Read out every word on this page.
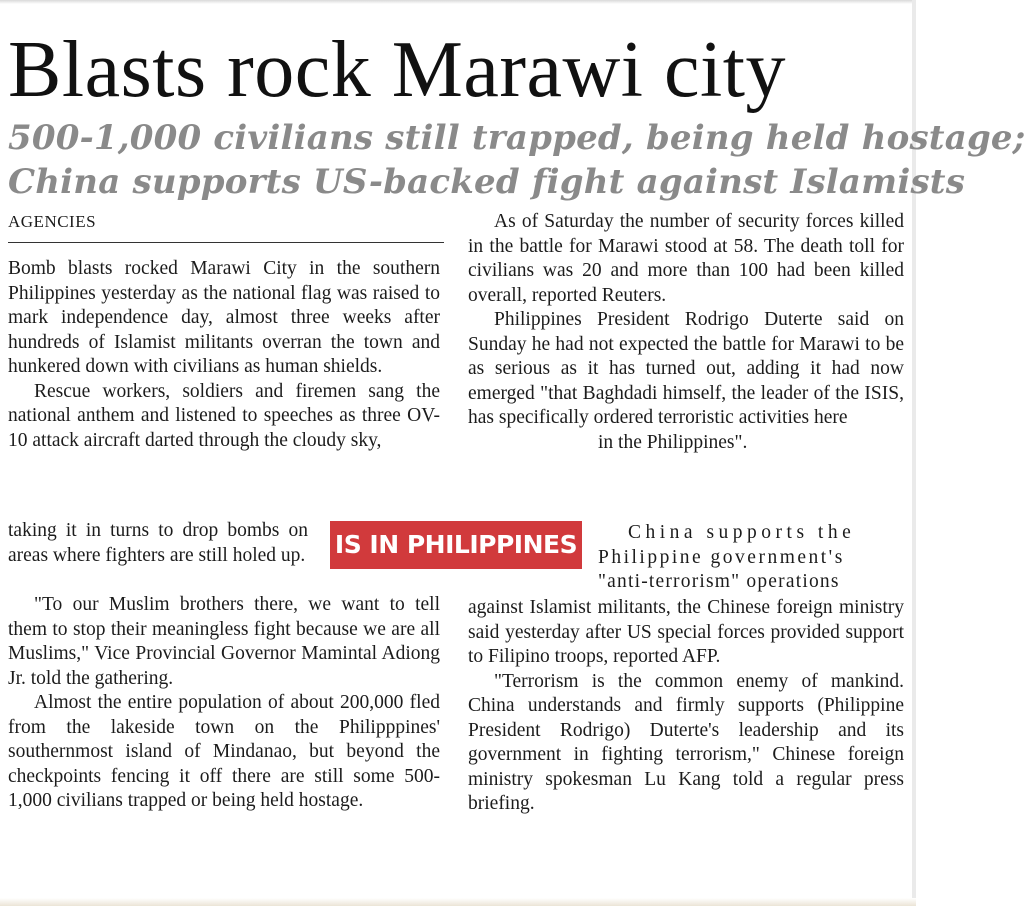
Blasts rock Marawi city
500-1,000 civilians still trapped, being held hostage;
China supports US-backed fight against Islamists
AGENCIES

Bomb blasts rocked Marawi City in the southern Philippines yesterday as the national flag was raised to mark independence day, almost three weeks after hundreds of Islamist militants overran the town and hunkered down with civilians as human shields.

Rescue workers, soldiers and firemen sang the national anthem and listened to speeches as three OV-10 attack aircraft darted through the cloudy sky,

taking it in turns to drop bombs on areas where fighters are still holed up.

"To our Muslim brothers there, we want to tell them to stop their meaningless fight because we are all Muslims," Vice Provincial Governor Mamintal Adiong Jr. told the gathering.

Almost the entire population of about 200,000 fled from the lakeside town on the Philipppines' southernmost island of Mindanao, but beyond the checkpoints fencing it off there are still some 500-1,000 civilians trapped or being held hostage.

IS IN PHILIPPINES

As of Saturday the number of security forces killed in the battle for Marawi stood at 58. The death toll for civilians was 20 and more than 100 had been killed overall, reported Reuters.

Philippines President Rodrigo Duterte said on Sunday he had not expected the battle for Marawi to be as serious as it has turned out, adding it had now emerged "that Baghdadi himself, the leader of the ISIS, has specifically ordered terroristic activities here

in the Philippines".

China supports the

Philippine government's

"anti-terrorism" operations

against Islamist militants, the Chinese foreign ministry said yesterday after US special forces provided support to Filipino troops, reported AFP.

"Terrorism is the common enemy of mankind. China understands and firmly supports (Philippine President Rodrigo) Duterte's leadership and its government in fighting terrorism," Chinese foreign ministry spokesman Lu Kang told a regular press briefing.
